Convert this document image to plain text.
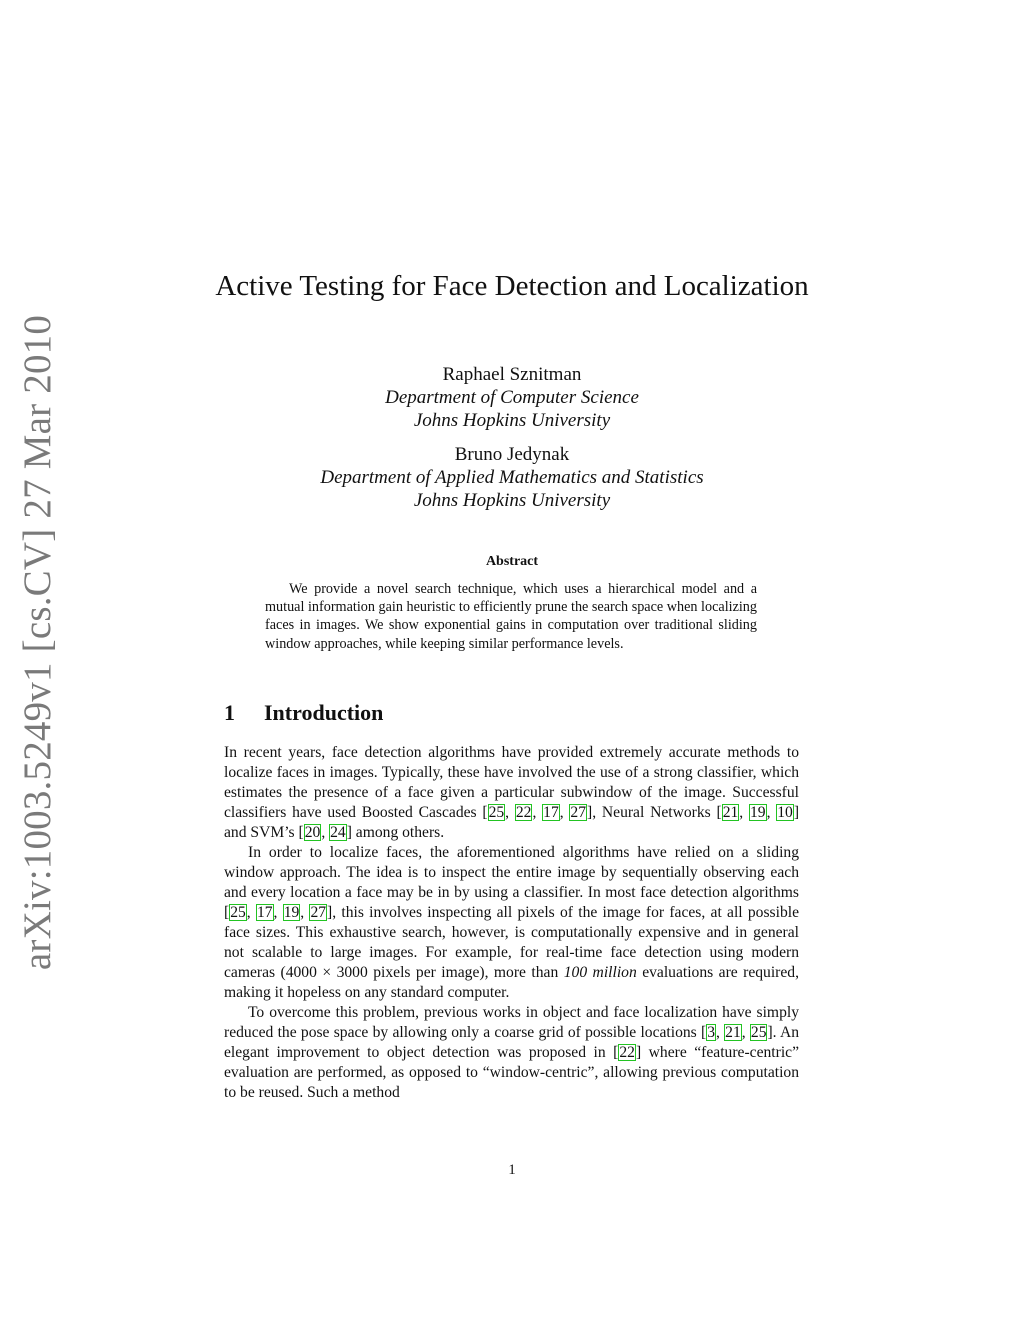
arXiv:1003.5249v1 [cs.CV] 27 Mar 2010
Active Testing for Face Detection and Localization
Raphael Sznitman
Department of Computer Science
Johns Hopkins University
Bruno Jedynak
Department of Applied Mathematics and Statistics
Johns Hopkins University
Abstract

We provide a novel search technique, which uses a hierarchical model and a mutual information gain heuristic to efficiently prune the search space when localizing faces in images. We show exponential gains in computation over traditional sliding window approaches, while keeping similar performance levels.

1 Introduction

In recent years, face detection algorithms have provided extremely accurate methods to localize faces in images. Typically, these have involved the use of a strong classifier, which estimates the presence of a face given a particular subwindow of the image. Successful classifiers have used Boosted Cascades [25, 22, 17, 27], Neural Networks [21, 19, 10] and SVM’s [20, 24] among others.

In order to localize faces, the aforementioned algorithms have relied on a sliding window approach. The idea is to inspect the entire image by sequentially observing each and every location a face may be in by using a classifier. In most face detection algorithms [25, 17, 19, 27], this involves inspecting all pixels of the image for faces, at all possible face sizes. This exhaustive search, however, is computationally expensive and in general not scalable to large images. For example, for real-time face detection using modern cameras (4000 × 3000 pixels per image), more than 100 million evaluations are required, making it hopeless on any standard computer.

To overcome this problem, previous works in object and face localization have simply reduced the pose space by allowing only a coarse grid of possible locations [3, 21, 25]. An elegant improvement to object detection was proposed in [22] where “feature-centric” evaluation are performed, as opposed to “window-centric”, allowing previous computation to be reused. Such a method

1
